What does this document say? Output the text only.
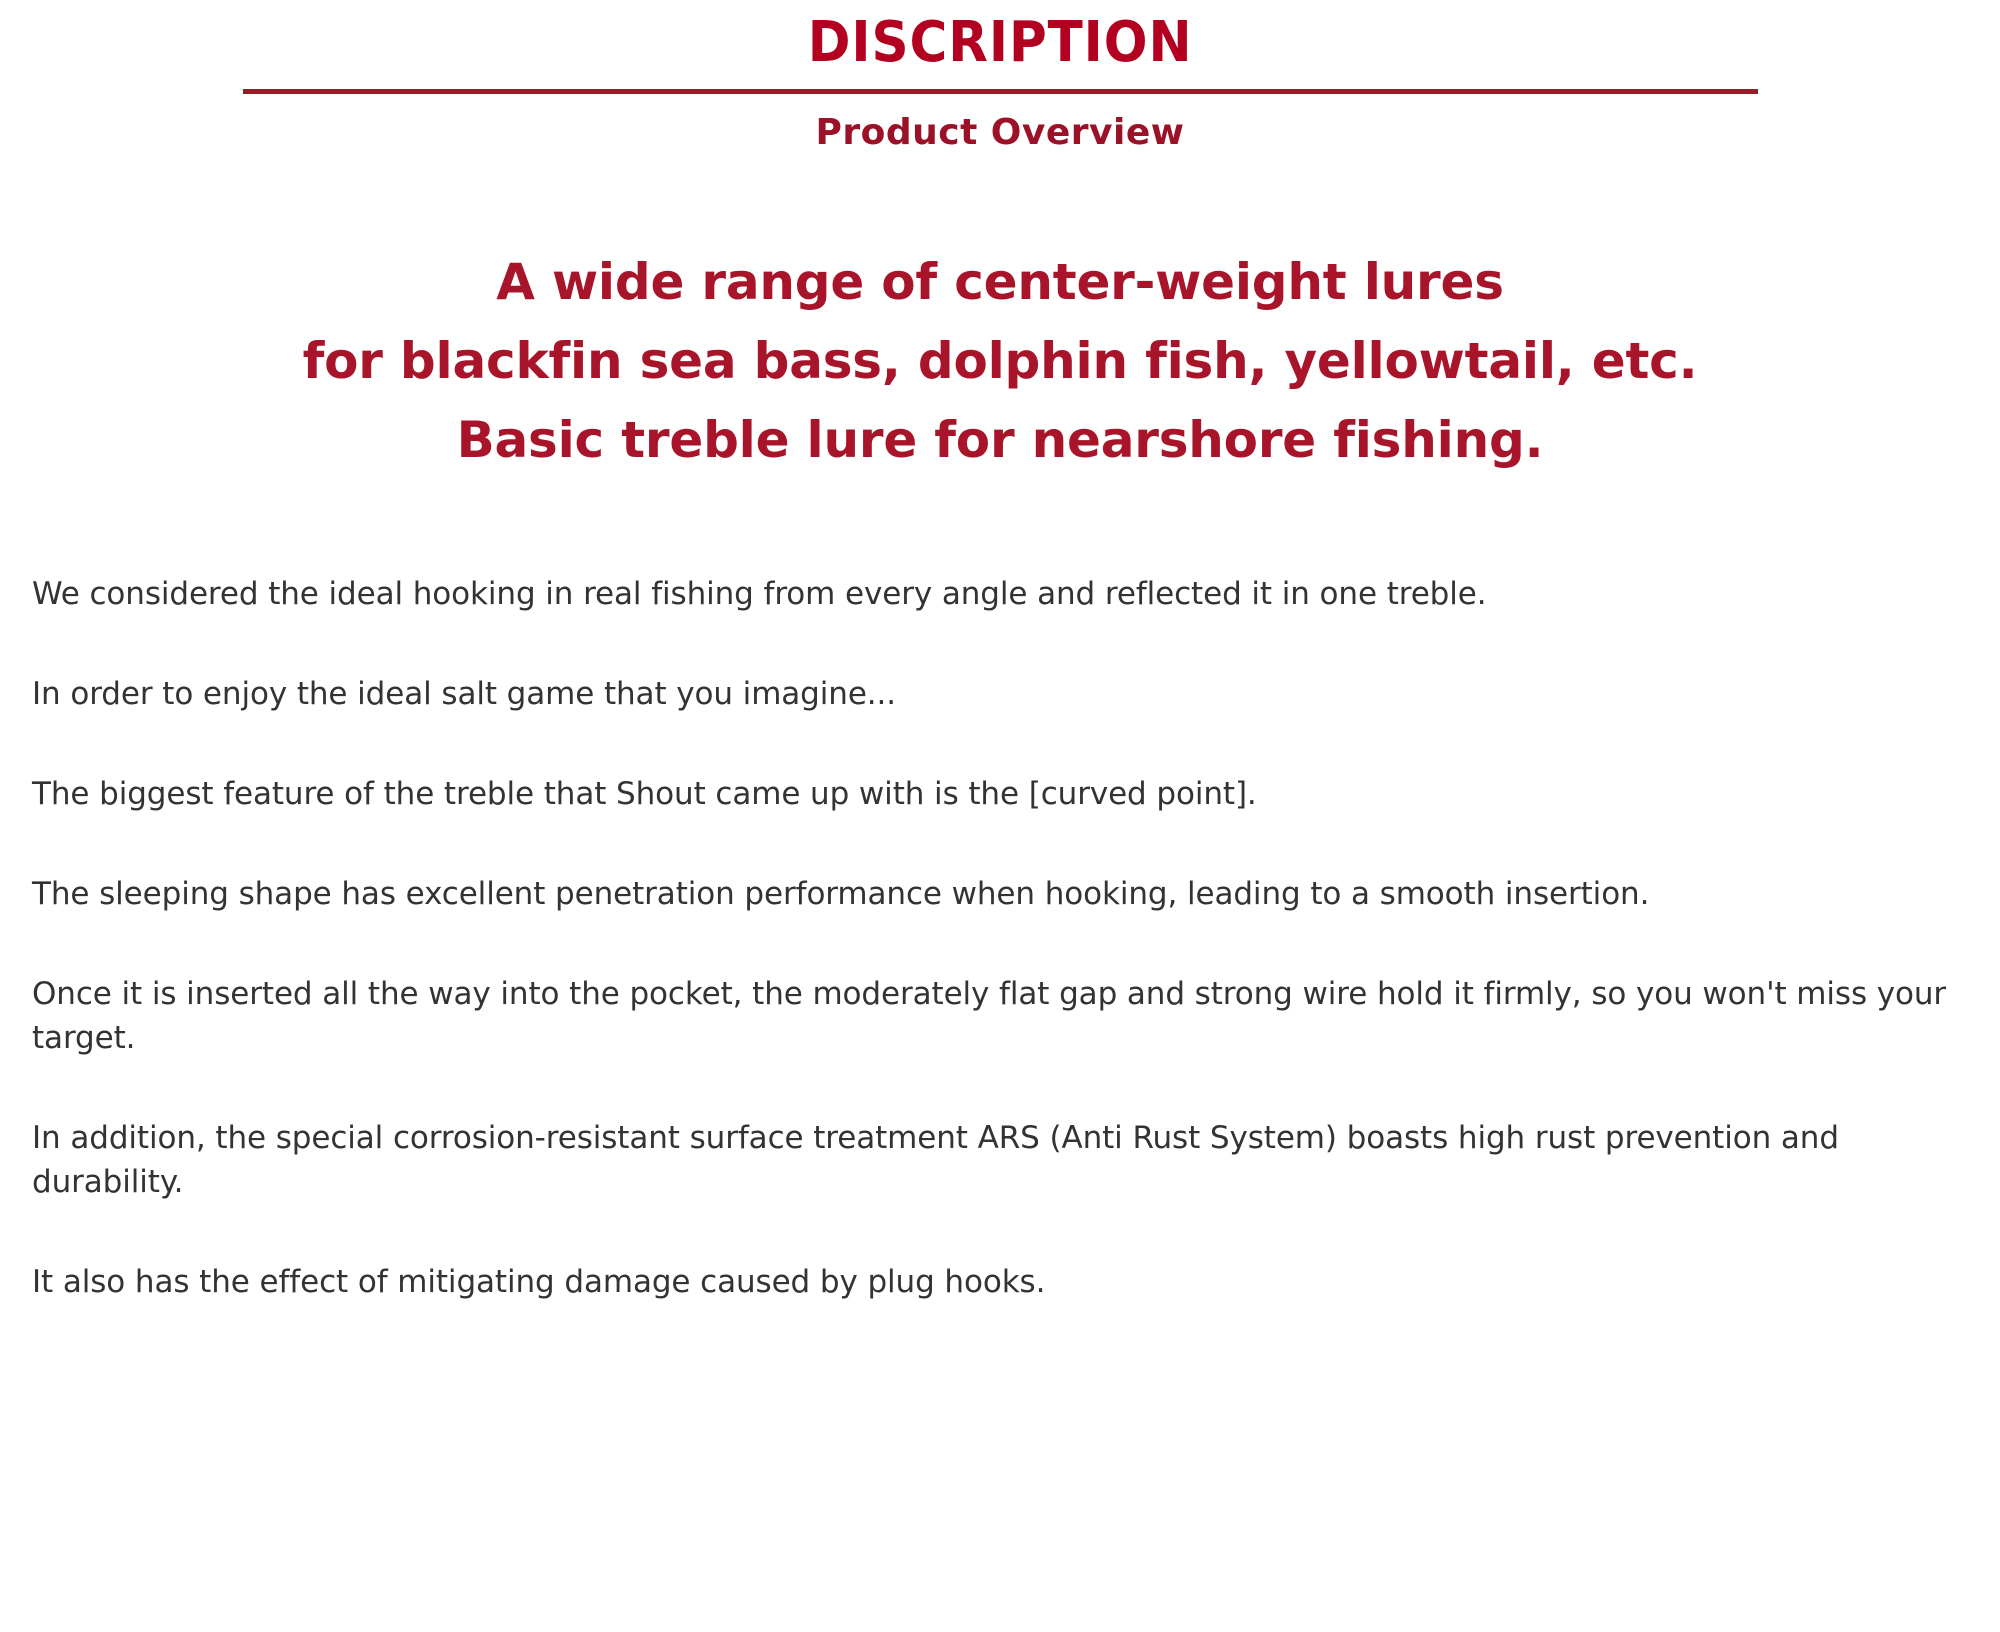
DISCRIPTION
Product Overview
A wide range of center-weight lures
for blackfin sea bass, dolphin fish, yellowtail, etc.
Basic treble lure for nearshore fishing.

We considered the ideal hooking in real fishing from every angle and reflected it in one treble.

In order to enjoy the ideal salt game that you imagine...

The biggest feature of the treble that Shout came up with is the [curved point].

The sleeping shape has excellent penetration performance when hooking, leading to a smooth insertion.

Once it is inserted all the way into the pocket, the moderately flat gap and strong wire hold it firmly, so you won't miss your target.

In addition, the special corrosion-resistant surface treatment ARS (Anti Rust System) boasts high rust prevention and durability.

It also has the effect of mitigating damage caused by plug hooks.
